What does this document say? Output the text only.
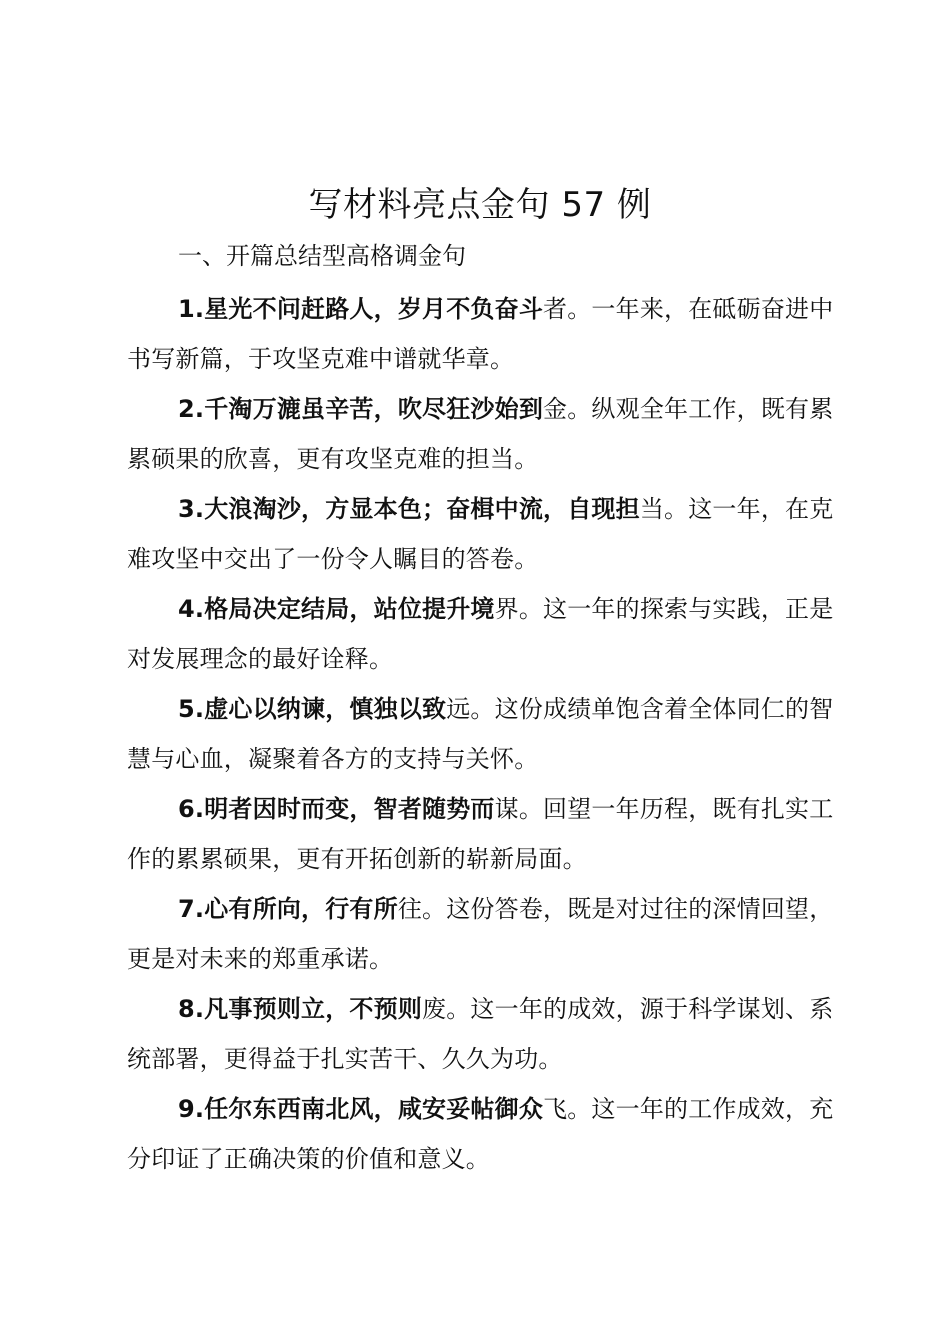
写材料亮点金句 57 例
一、开篇总结型高格调金句

1.星光不问赶路人，岁月不负奋斗者。一年来，在砥砺奋进中书写新篇，于攻坚克难中谱就华章。

2.千淘万漉虽辛苦，吹尽狂沙始到金。纵观全年工作，既有累累硕果的欣喜，更有攻坚克难的担当。

3.大浪淘沙，方显本色；奋楫中流，自现担当。这一年，在克难攻坚中交出了一份令人瞩目的答卷。

4.格局决定结局，站位提升境界。这一年的探索与实践，正是对发展理念的最好诠释。

5.虚心以纳谏，慎独以致远。这份成绩单饱含着全体同仁的智慧与心血，凝聚着各方的支持与关怀。

6.明者因时而变，智者随势而谋。回望一年历程，既有扎实工作的累累硕果，更有开拓创新的崭新局面。

7.心有所向，行有所往。这份答卷，既是对过往的深情回望，更是对未来的郑重承诺。

8.凡事预则立，不预则废。这一年的成效，源于科学谋划、系统部署，更得益于扎实苦干、久久为功。

9.任尔东西南北风，咸安妥帖御众飞。这一年的工作成效，充分印证了正确决策的价值和意义。
